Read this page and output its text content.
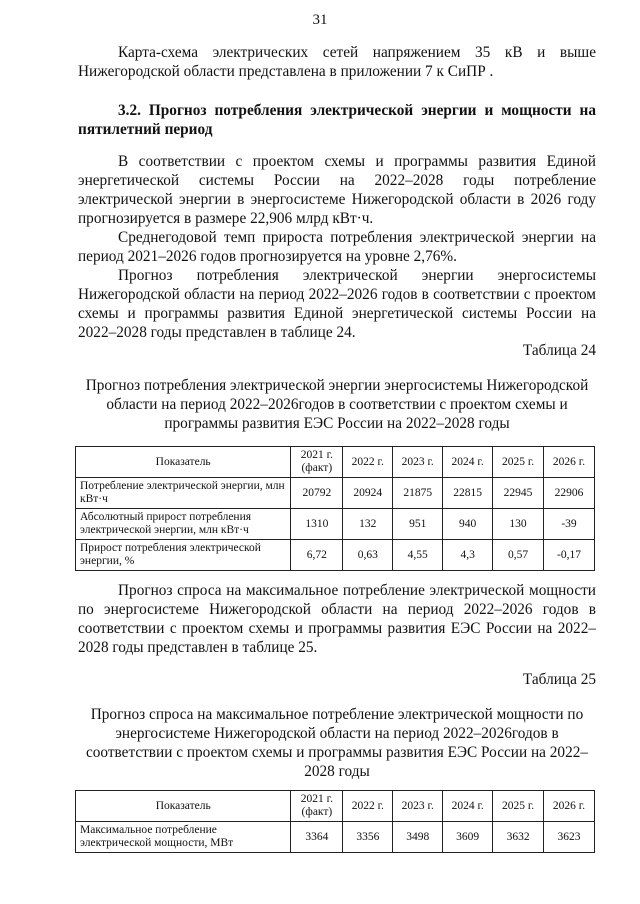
31

Карта-схема электрических сетей напряжением 35 кВ и выше Нижегородской области представлена в приложении 7 к СиПР .

3.2. Прогноз потребления электрической энергии и мощности на пятилетний период

В соответствии с проектом схемы и программы развития Единой энергетической системы России на 2022–2028 годы потребление электрической энергии в энергосистеме Нижегородской области в 2026 году прогнозируется в размере 22,906 млрд кВт·ч.

Среднегодовой темп прироста потребления электрической энергии на период 2021–2026 годов прогнозируется на уровне 2,76%.

Прогноз потребления электрической энергии энергосистемы Нижегородской области на период 2022–2026 годов в соответствии с проектом схемы и программы развития Единой энергетической системы России на 2022–2028 годы представлен в таблице 24.

Таблица 24
Прогноз потребления электрической энергии энергосистемы Нижегородской области на период 2022–2026годов в соответствии с проектом схемы и программы развития ЕЭС России на 2022–2028 годы
Показатель	2021 г. (факт)	2022 г.	2023 г.	2024 г.	2025 г.	2026 г.
Потребление электрической энергии, млн кВт·ч	20792	20924	21875	22815	22945	22906
Абсолютный прирост потребления электрической энергии, млн кВт·ч	1310	132	951	940	130	-39
Прирост потребления электрической энергии, %	6,72	0,63	4,55	4,3	0,57	-0,17

Прогноз спроса на максимальное потребление электрической мощности по энергосистеме Нижегородской области на период 2022–2026 годов в соответствии с проектом схемы и программы развития ЕЭС России на 2022–2028 годы представлен в таблице 25.

Таблица 25
Прогноз спроса на максимальное потребление электрической мощности по энергосистеме Нижегородской области на период 2022–2026годов в соответствии с проектом схемы и программы развития ЕЭС России на 2022–2028 годы
Показатель	2021 г. (факт)	2022 г.	2023 г.	2024 г.	2025 г.	2026 г.
Максимальное потребление электрической мощности, МВт	3364	3356	3498	3609	3632	3623
